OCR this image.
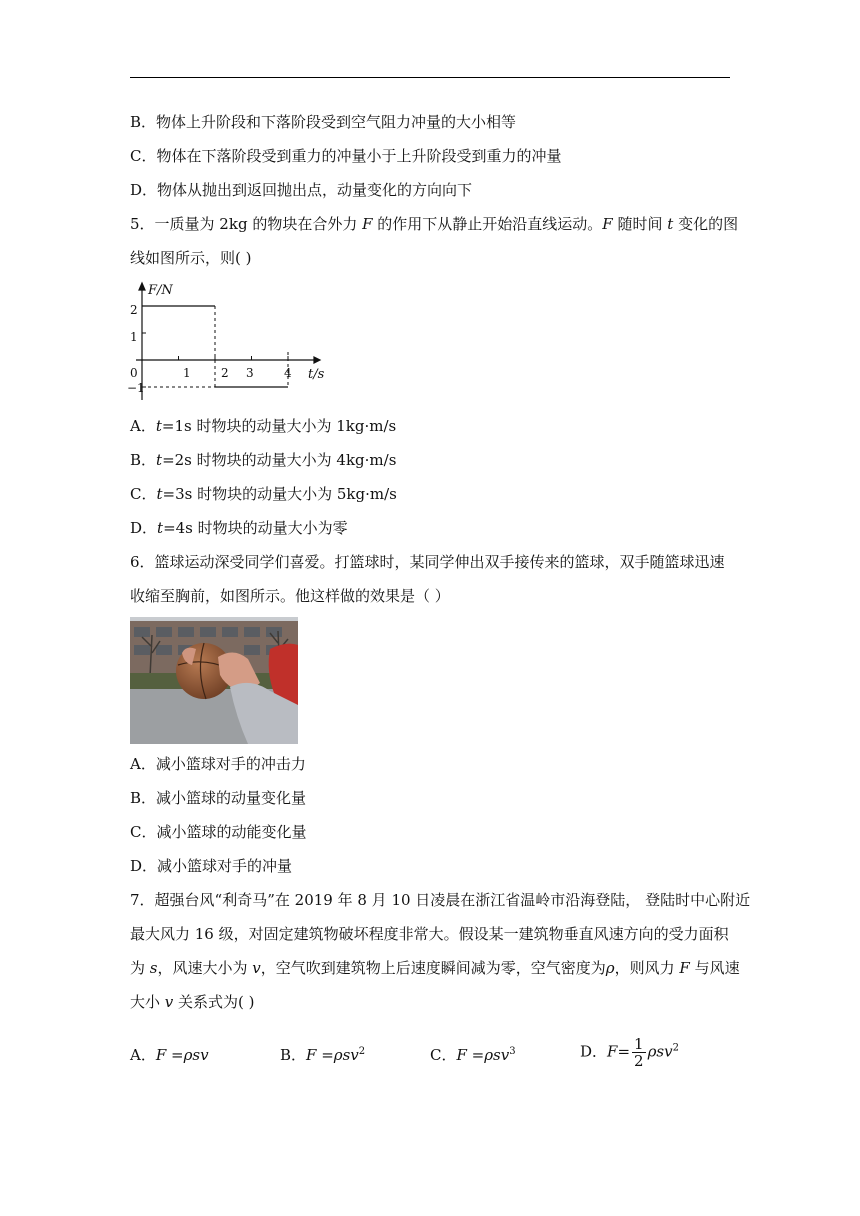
B．物体上升阶段和下落阶段受到空气阻力冲量的大小相等
C．物体在下落阶段受到重力的冲量小于上升阶段受到重力的冲量
D．物体从抛出到返回抛出点，动量变化的方向向下
5．一质量为 2kg 的物块在合外力 F 的作用下从静止开始沿直线运动。F 随时间 t 变化的图
线如图所示，则( )
F/N
t/s
2
1
0
−1
1	2 3	4
A．t=1s 时物块的动量大小为 1kg·m/s
B．t=2s 时物块的动量大小为 4kg·m/s
C．t=3s 时物块的动量大小为 5kg·m/s
D．t=4s 时物块的动量大小为零
6．篮球运动深受同学们喜爱。打篮球时，某同学伸出双手接传来的篮球，双手随篮球迅速
收缩至胸前，如图所示。他这样做的效果是（ ）
A．减小篮球对手的冲击力
B．减小篮球的动量变化量
C．减小篮球的动能变化量
D．减小篮球对手的冲量
7．超强台风“利奇马”在 2019 年 8 月 10 日凌晨在浙江省温岭市沿海登陆， 登陆时中心附近
最大风力 16 级，对固定建筑物破坏程度非常大。假设某一建筑物垂直风速方向的受力面积
为 s，风速大小为 v，空气吹到建筑物上后速度瞬间减为零，空气密度为ρ，则风力 F 与风速
大小 v 关系式为( )
A．F =ρsv	B．F =ρsv$^2$	C．F =ρsv$^3$	D．$F= \frac{1}{2} \rho sv^2$
